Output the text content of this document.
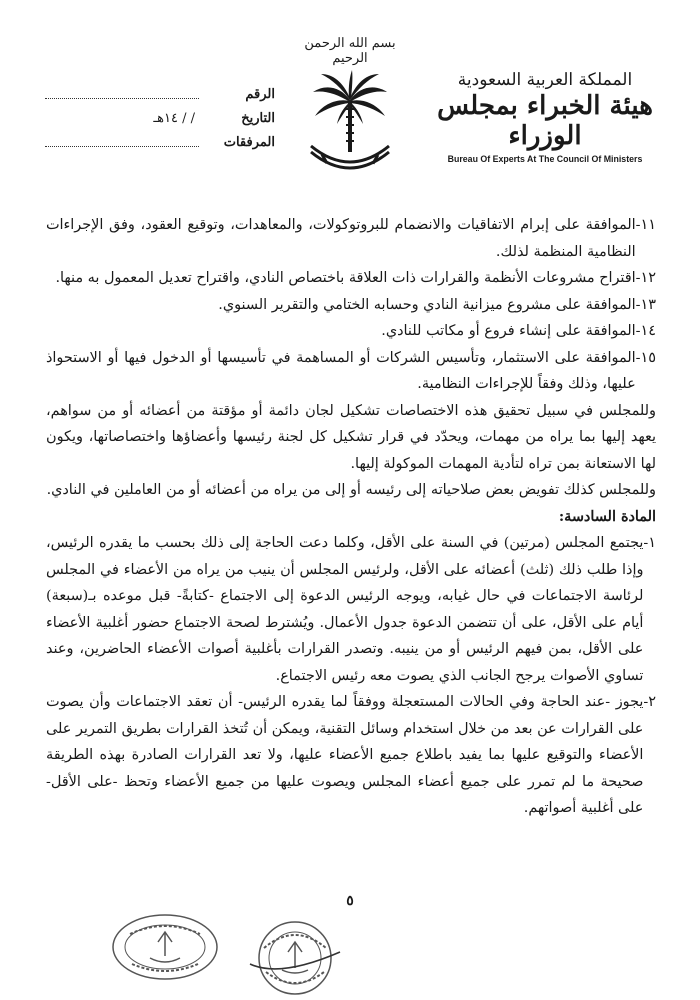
المملكة العربية السعودية
هيئة الخبراء بمجلس الوزراء
Bureau Of Experts At The Council Of Ministers
بسم الله الرحمن الرحيم
الرقم
التاريخ
/ / ١٤هـ
المرفقات
١١-
الموافقة على إبرام الاتفاقيات والانضمام للبروتوكولات، والمعاهدات، وتوقيع العقود، وفق الإجراءات النظامية المنظمة لذلك.
١٢-
اقتراح مشروعات الأنظمة والقرارات ذات العلاقة باختصاص النادي، واقتراح تعديل المعمول به منها.
١٣-
الموافقة على مشروع ميزانية النادي وحسابه الختامي والتقرير السنوي.
١٤-
الموافقة على إنشاء فروع أو مكاتب للنادي.
١٥-
الموافقة على الاستثمار، وتأسيس الشركات أو المساهمة في تأسيسها أو الدخول فيها أو الاستحواذ عليها، وذلك وفقاً للإجراءات النظامية.

وللمجلس في سبيل تحقيق هذه الاختصاصات تشكيل لجان دائمة أو مؤقتة من أعضائه أو من سواهم، يعهد إليها بما يراه من مهمات، ويحدّد في قرار تشكيل كل لجنة رئيسها وأعضاؤها واختصاصاتها، ويكون لها الاستعانة بمن تراه لتأدية المهمات الموكولة إليها.

وللمجلس كذلك تفويض بعض صلاحياته إلى رئيسه أو إلى من يراه من أعضائه أو من العاملين في النادي.

المادة السادسة:

١-
يجتمع المجلس (مرتين) في السنة على الأقل، وكلما دعت الحاجة إلى ذلك بحسب ما يقدره الرئيس، وإذا طلب ذلك (ثلث) أعضائه على الأقل، ولرئيس المجلس أن ينيب من يراه من الأعضاء في المجلس لرئاسة الاجتماعات في حال غيابه، ويوجه الرئيس الدعوة إلى الاجتماع -كتابةً- قبل موعده بـ(سبعة) أيام على الأقل، على أن تتضمن الدعوة جدول الأعمال. ويُشترط لصحة الاجتماع حضور أغلبية الأعضاء على الأقل، بمن فيهم الرئيس أو من ينيبه. وتصدر القرارات بأغلبية أصوات الأعضاء الحاضرين، وعند تساوي الأصوات يرجح الجانب الذي يصوت معه رئيس الاجتماع.
٢-
يجوز -عند الحاجة وفي الحالات المستعجلة ووفقاً لما يقدره الرئيس- أن تعقد الاجتماعات وأن يصوت على القرارات عن بعد من خلال استخدام وسائل التقنية، ويمكن أن تُتخذ القرارات بطريق التمرير على الأعضاء والتوقيع عليها بما يفيد باطلاع جميع الأعضاء عليها، ولا تعد القرارات الصادرة بهذه الطريقة صحيحة ما لم تمرر على جميع أعضاء المجلس ويصوت عليها من جميع الأعضاء وتحظ -على الأقل- على أغلبية أصواتهم.
٥
